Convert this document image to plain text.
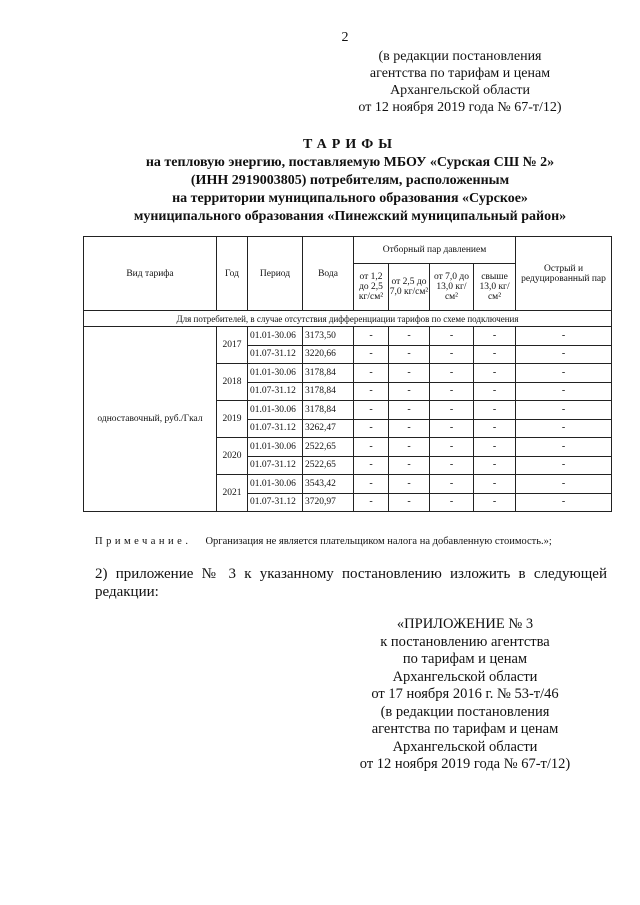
2
(в редакции постановления
агентства по тарифам и ценам
Архангельской области
от 12 ноября 2019 года № 67-т/12)
ТАРИФЫ
на тепловую энергию, поставляемую МБОУ «Сурская СШ № 2»
(ИНН 2919003805) потребителям, расположенным
на территории муниципального образования «Сурское»
муниципального образования «Пинежский муниципальный район»
Вид тарифа	Год	Период	Вода	Отборный пар давлением				Острый и редуцированный пар
				от 1,2 до 2,5 кг/см²	от 2,5 до 7,0 кг/см²	от 7,0 до 13,0 кг/см²	свыше 13,0 кг/см²	
Для потребителей, в случае отсутствия дифференциации тарифов по схеме подключения								
одноставочный, руб./Гкал	2017	01.01-30.06	3173,50	-	-	-	-	-
		01.07-31.12	3220,66	-	-	-	-	-
	2018	01.01-30.06	3178,84	-	-	-	-	-
		01.07-31.12	3178,84	-	-	-	-	-
	2019	01.01-30.06	3178,84	-	-	-	-	-
		01.07-31.12	3262,47	-	-	-	-	-
	2020	01.01-30.06	2522,65	-	-	-	-	-
		01.07-31.12	2522,65	-	-	-	-	-
	2021	01.01-30.06	3543,42	-	-	-	-	-
		01.07-31.12	3720,97	-	-	-	-	-
Примечание. Организация не является плательщиком налога на добавленную стоимость.»;
2) приложение № 3 к указанному постановлению изложить в следующей редакции:
«ПРИЛОЖЕНИЕ № 3
к постановлению агентства
по тарифам и ценам
Архангельской области
от 17 ноября 2016 г. № 53-т/46
(в редакции постановления
агентства по тарифам и ценам
Архангельской области
от 12 ноября 2019 года № 67-т/12)
